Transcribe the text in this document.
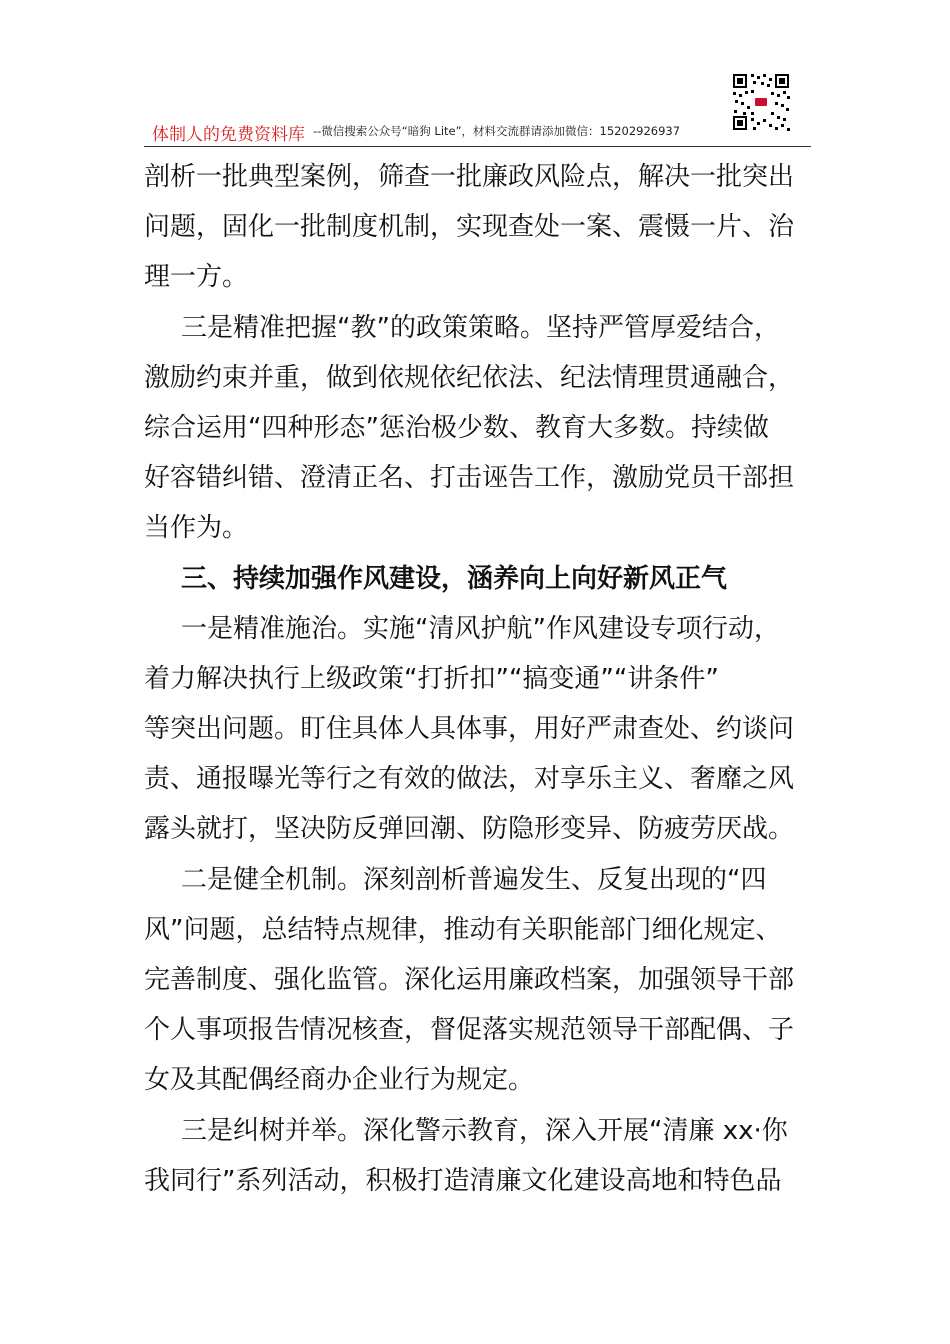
体制人的免费资料库 --微信搜索公众号“暗狗 Lite”，材料交流群请添加微信：15202926937
剖析一批典型案例，筛查一批廉政风险点，解决一批突出
问题，固化一批制度机制，实现查处一案、震慑一片、治
理一方。
三是精准把握“教”的政策策略。坚持严管厚爱结合，
激励约束并重，做到依规依纪依法、纪法情理贯通融合，
综合运用“四种形态”惩治极少数、教育大多数。持续做
好容错纠错、澄清正名、打击诬告工作，激励党员干部担
当作为。
三、持续加强作风建设，涵养向上向好新风正气
一是精准施治。实施“清风护航”作风建设专项行动，
着力解决执行上级政策“打折扣”“搞变通”“讲条件”
等突出问题。盯住具体人具体事，用好严肃查处、约谈问
责、通报曝光等行之有效的做法，对享乐主义、奢靡之风
露头就打，坚决防反弹回潮、防隐形变异、防疲劳厌战。
二是健全机制。深刻剖析普遍发生、反复出现的“四
风”问题，总结特点规律，推动有关职能部门细化规定、
完善制度、强化监管。深化运用廉政档案，加强领导干部
个人事项报告情况核查，督促落实规范领导干部配偶、子
女及其配偶经商办企业行为规定。
三是纠树并举。深化警示教育，深入开展“清廉 xx·你
我同行”系列活动，积极打造清廉文化建设高地和特色品
